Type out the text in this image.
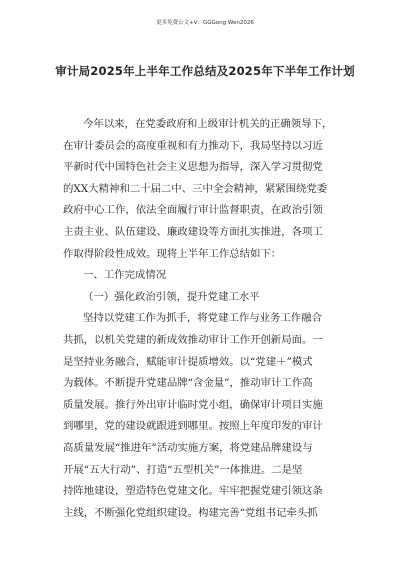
更多免费公文+V：GGGong Wen2026
审计局2025年上半年工作总结及2025年下半年工作计划
今年以来，在党委政府和上级审计机关的正确领导下，
在审计委员会的高度重视和有力推动下，我局坚持以习近
平新时代中国特色社会主义思想为指导，深入学习贯彻党
的XX大精神和二十届二中、三中全会精神，紧紧围绕党委
政府中心工作，依法全面履行审计监督职责，在政治引领
主责主业、队伍建设、廉政建设等方面扎实推进，各项工
作取得阶段性成效。现将上半年工作总结如下：
一、工作完成情况
（一）强化政治引领，提升党建工水平
坚持以党建工作为抓手，将党建工作与业务工作融合
共抓，以机关党建的新成效推动审计工作开创新局面。一
是坚持业务融合，赋能审计提质增效。以“党建＋”模式
为载体。不断提升党建品牌“含金量”，推动审计工作高
质量发展。推行外出审计临时党小组，确保审计项目实施
到哪里，党的建设就跟进到哪里。按照上年度印发的审计
高质量发展“推进年”活动实施方案，将党建品牌建设与
开展“五大行动”、打造“五型机关”一体推进。二是坚
持阵地建设，塑造特色党建文化。牢牢把握党建引领这条
主线，不断强化党组织建设。构建完善“党组书记牵头抓
